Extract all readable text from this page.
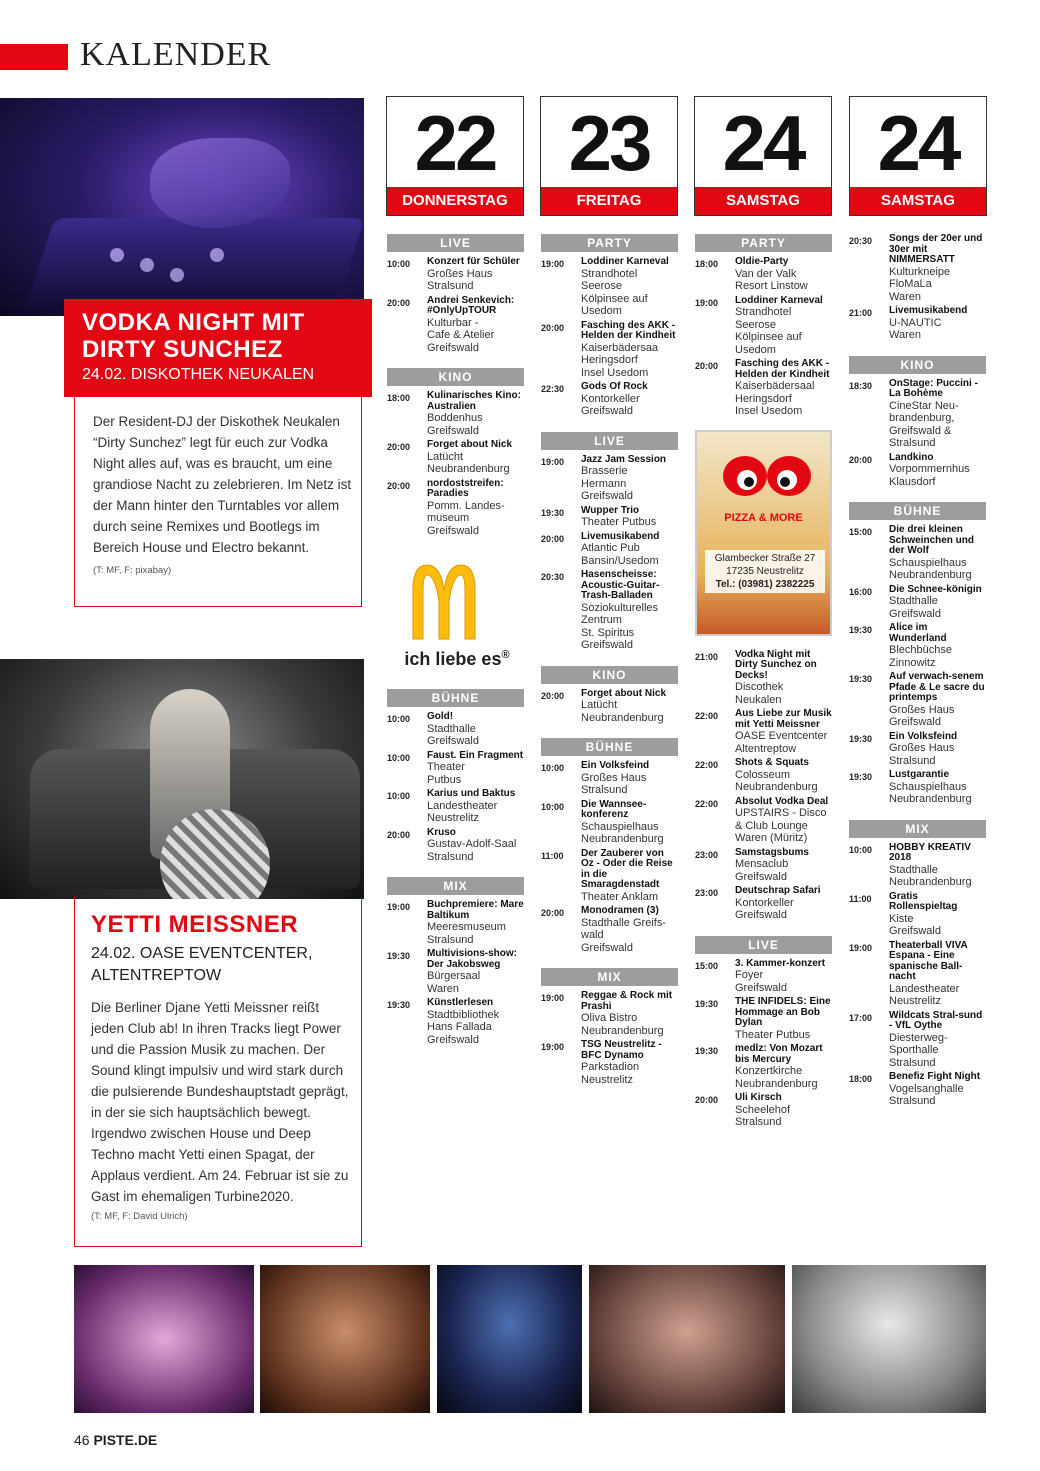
KALENDER
VODKA NIGHT MIT
DIRTY SUNCHEZ
24.02. DISKOTHEK NEUKALEN

Der Resident-DJ der Diskothek Neukalen “Dirty Sunchez” legt für euch zur Vodka Night alles auf, was es braucht, um eine grandiose Nacht zu zelebrieren. Im Netz ist der Mann hinter den Turntables vor allem durch seine Remixes und Bootlegs im Bereich House und Electro bekannt.

(T: MF, F: pixabay)
YETTI MEISSNER
24.02. OASE EVENTCENTER, ALTENTREPTOW

Die Berliner Djane Yetti Meissner reißt jeden Club ab! In ihren Tracks liegt Power und die Passion Musik zu machen. Der Sound klingt impulsiv und wird stark durch die pulsierende Bundeshauptstadt geprägt, in der sie sich hauptsächlich bewegt. Irgendwo zwischen House und Deep Techno macht Yetti einen Spagat, der Applaus verdient. Am 24. Februar ist sie zu Gast im ehemaligen Turbine2020.

(T: MF, F: David Ulrich)
22
DONNERSTAG
23
FREITAG
24
SAMSTAG
24
SAMSTAG
LIVE
10:00	Konzert für Schüler
Großes Haus
Stralsund
20:00	Andrei Senkevich: #OnlyUpTOUR
Kulturbar -
Cafe & Atelier
Greifswald
KINO
18:00	Kulinarisches Kino: Australien
Boddenhus
Greifswald
20:00	Forget about Nick
Latücht
Neubrandenburg
20:00	nordoststreifen: Paradies
Pomm. Landes-
museum
Greifswald
ich liebe es®
BÜHNE
10:00	Gold!
Stadthalle
Greifswald
10:00	Faust. Ein Fragment
Theater
Putbus
10:00	Karius und Baktus
Landestheater
Neustrelitz
20:00	Kruso
Gustav-Adolf-Saal
Stralsund
MIX
19:00	Buchpremiere: Mare Baltikum
Meeresmuseum
Stralsund
19:30	Multivisions-show: Der Jakobsweg
Bürgersaal
Waren
19:30	Künstlerlesen
Stadtbibliothek
Hans Fallada
Greifswald
PARTY
19:00	Loddiner Karneval
Strandhotel
Seerose
Kölpinsee auf
Usedom
20:00	Fasching des AKK - Helden der Kindheit
Kaiserbädersaa
Heringsdorf
Insel Usedom
22:30	Gods Of Rock
Kontorkeller
Greifswald
LIVE
19:00	Jazz Jam Session
Brasserie
Hermann
Greifswald
19:30	Wupper Trio
Theater Putbus
20:00	Livemusikabend
Atlantic Pub
Bansin/Usedom
20:30	Hasenscheisse: Acoustic-Guitar-Trash-Balladen
Soziokulturelles
Zentrum
St. Spiritus
Greifswald
KINO
20:00	Forget about Nick
Latücht
Neubrandenburg
BÜHNE
10:00	Ein Volksfeind
Großes Haus
Stralsund
10:00	Die Wannsee-konferenz
Schauspielhaus
Neubrandenburg
11:00	Der Zauberer von Oz - Oder die Reise in die Smaragdenstadt
Theater Anklam
20:00	Monodramen (3)
Stadthalle Greifs-
wald
Greifswald
MIX
19:00	Reggae & Rock mit Prashi
Oliva Bistro
Neubrandenburg
19:00	TSG Neustrelitz - BFC Dynamo
Parkstadion
Neustrelitz
PARTY
18:00	Oldie-Party
Van der Valk
Resort Linstow
19:00	Loddiner Karneval
Strandhotel
Seerose
Kölpinsee auf
Usedom
20:00	Fasching des AKK - Helden der Kindheit
Kaiserbädersaal
Heringsdorf
Insel Usedom
PIZZA & MORE
Glambecker Straße 27
17235 Neustrelitz
Tel.: (03981) 2382225
21:00	Vodka Night mit Dirty Sunchez on Decks!
Discothek
Neukalen
22:00	Aus Liebe zur Musik mit Yetti Meissner
OASE Eventcenter
Altentreptow
22:00	Shots & Squats
Colosseum
Neubrandenburg
22:00	Absolut Vodka Deal
UPSTAIRS - Disco
& Club Lounge
Waren (Müritz)
23:00	Samstagsbums
Mensaclub
Greifswald
23:00	Deutschrap Safari
Kontorkeller
Greifswald
LIVE
15:00	3. Kammer-konzert
Foyer
Greifswald
19:30	THE INFIDELS: Eine Hommage an Bob Dylan
Theater Putbus
19:30	medlz: Von Mozart bis Mercury
Konzertkirche
Neubrandenburg
20:00	Uli Kirsch
Scheelehof
Stralsund
20:30	Songs der 20er und 30er mit NIMMERSATT
Kulturkneipe
FloMaLa
Waren
21:00	Livemusikabend
U-NAUTIC
Waren
KINO
18:30	OnStage: Puccini - La Bohème
CineStar Neu-
brandenburg,
Greifswald &
Stralsund
20:00	Landkino
Vorpommernhus
Klausdorf
BÜHNE
15:00	Die drei kleinen Schweinchen und der Wolf
Schauspielhaus
Neubrandenburg
16:00	Die Schnee-königin
Stadthalle
Greifswald
19:30	Alice im Wunderland
Blechbüchse
Zinnowitz
19:30	Auf verwach-senem Pfade & Le sacre du printemps
Großes Haus
Greifswald
19:30	Ein Volksfeind
Großes Haus
Stralsund
19:30	Lustgarantie
Schauspielhaus
Neubrandenburg
MIX
10:00	HOBBY KREATIV 2018
Stadthalle
Neubrandenburg
11:00	Gratis Rollenspieltag
Kiste
Greifswald
19:00	Theaterball VIVA Espana - Eine spanische Ball-nacht
Landestheater
Neustrelitz
17:00	Wildcats Stral-sund - VfL Oythe
Diesterweg-
Sporthalle
Stralsund
18:00	Benefiz Fight Night
Vogelsanghalle
Stralsund
46 PISTE.DE
